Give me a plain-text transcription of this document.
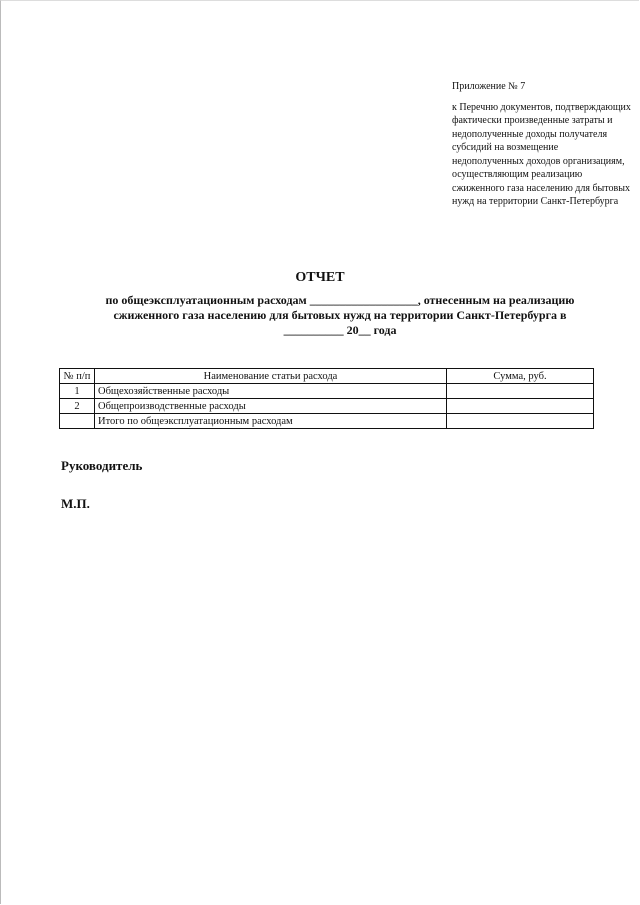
Приложение № 7
к Перечню документов, подтверждающих фактически произведенные затраты и недополученные доходы получателя субсидий на возмещение недополученных доходов организациям, осуществляющим реализацию сжиженного газа населению для бытовых нужд на территории Санкт-Петербурга
ОТЧЕТ
по общеэксплуатационным расходам __________________, отнесенным на реализацию
сжиженного газа населению для бытовых нужд на территории Санкт-Петербурга в
__________ 20__ года
№ п/п	Наименование статьи расхода	Сумма, руб.
1	Общехозяйственные расходы	
2	Общепроизводственные расходы	
	Итого по общеэксплуатационным расходам	
Руководитель
М.П.
